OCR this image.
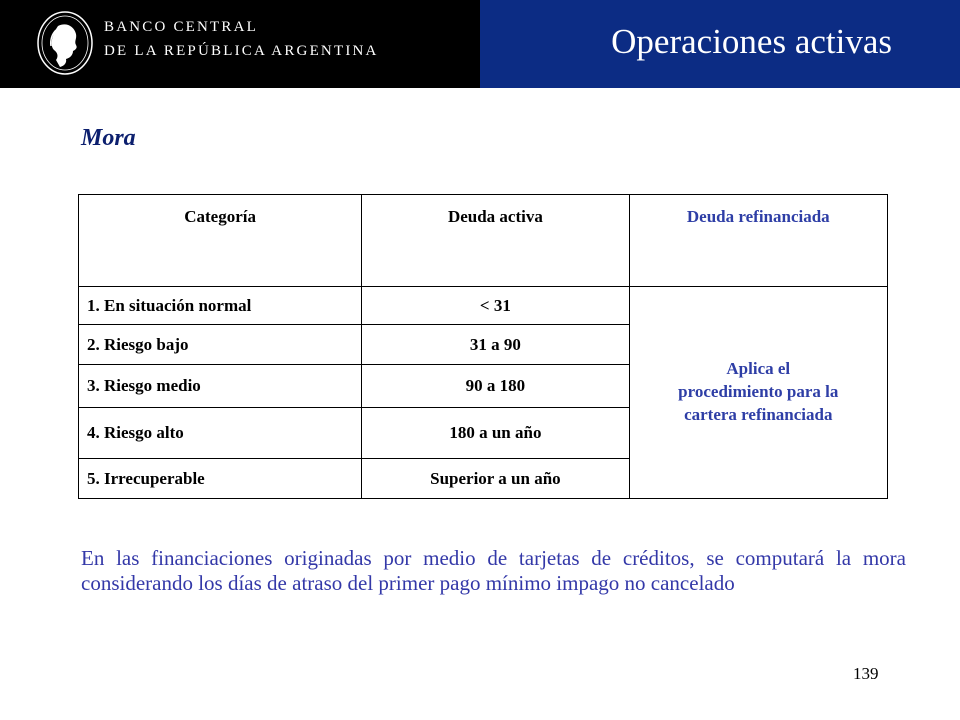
BANCO CENTRAL
DE LA REPÚBLICA ARGENTINA	Operaciones activas
Mora
Categoría	Deuda activa	Deuda refinanciada
1. En situación normal	< 31	Aplica el
procedimiento para la
cartera refinanciada
2. Riesgo bajo	31 a 90	
3. Riesgo medio	90 a 180	
4. Riesgo alto	180 a un año	
5. Irrecuperable	Superior a un año	
En las financiaciones originadas por medio de tarjetas de créditos, se computará la mora considerando los días de atraso del primer pago mínimo impago no cancelado
139
